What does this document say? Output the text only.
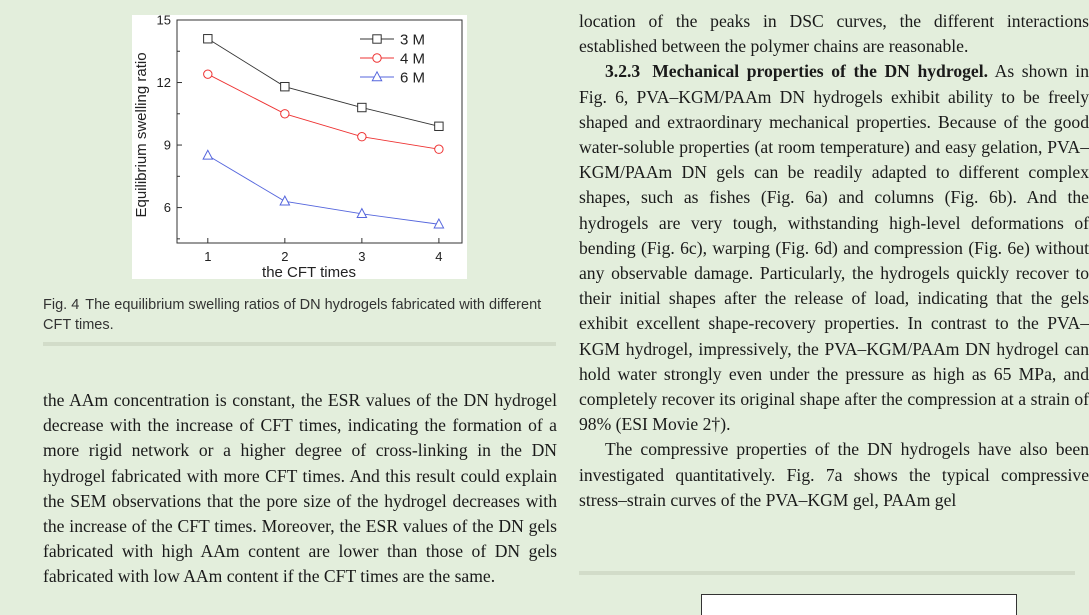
1	2	3	4
6
9
12
15
3 M
4 M
6 M
the CFT times
Equilibrium swelling ratio
Fig. 4 The equilibrium swelling ratios of DN hydrogels fabricated with different CFT times.

the AAm concentration is constant, the ESR values of the DN hydrogel decrease with the increase of CFT times, indicating the formation of a more rigid network or a higher degree of cross-linking in the DN hydrogel fabricated with more CFT times. And this result could explain the SEM observations that the pore size of the hydrogel decreases with the increase of the CFT times. Moreover, the ESR values of the DN gels fabricated with high AAm content are lower than those of DN gels fabricated with low AAm content if the CFT times are the same.

location of the peaks in DSC curves, the different interactions established between the polymer chains are reasonable.

3.2.3 Mechanical properties of the DN hydrogel. As shown in Fig. 6, PVA–KGM/PAAm DN hydrogels exhibit ability to be freely shaped and extraordinary mechanical properties. Because of the good water-soluble properties (at room temperature) and easy gelation, PVA–KGM/PAAm DN gels can be readily adapted to different complex shapes, such as fishes (Fig. 6a) and columns (Fig. 6b). And the hydrogels are very tough, withstanding high-level deformations of bending (Fig. 6c), warping (Fig. 6d) and compression (Fig. 6e) without any observable damage. Particularly, the hydrogels quickly recover to their initial shapes after the release of load, indicating that the gels exhibit excellent shape-recovery properties. In contrast to the PVA–KGM hydrogel, impressively, the PVA–KGM/PAAm DN hydrogel can hold water strongly even under the pressure as high as 65 MPa, and completely recover its original shape after the compression at a strain of 98% (ESI Movie 2†).

The compressive properties of the DN hydrogels have also been investigated quantitatively. Fig. 7a shows the typical compressive stress–strain curves of the PVA–KGM gel, PAAm gel
